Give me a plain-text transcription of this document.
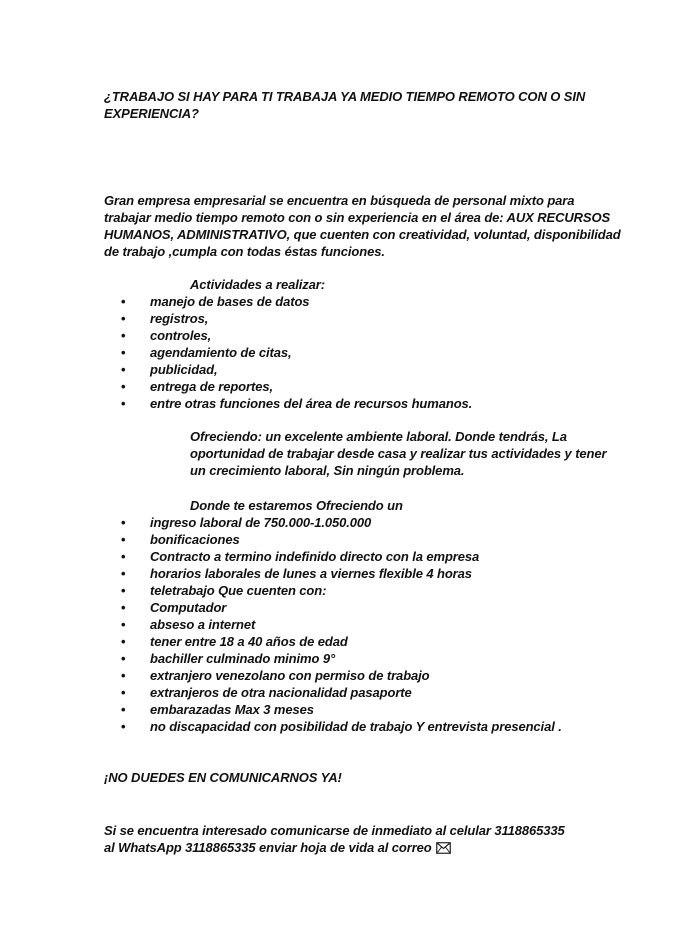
¿TRABAJO SI HAY PARA TI TRABAJA YA MEDIO TIEMPO REMOTO CON O SIN EXPERIENCIA?
Gran empresa empresarial se encuentra en búsqueda de personal mixto para trabajar medio tiempo remoto con o sin experiencia en el área de: AUX RECURSOS HUMANOS, ADMINISTRATIVO, que cuenten con creatividad, voluntad, disponibilidad de trabajo ,cumpla con todas éstas funciones.
Actividades a realizar:
• manejo de bases de datos
• registros,
• controles,
• agendamiento de citas,
• publicidad,
• entrega de reportes,
• entre otras funciones del área de recursos humanos.
Ofreciendo: un excelente ambiente laboral. Donde tendrás, La oportunidad de trabajar desde casa y realizar tus actividades y tener un crecimiento laboral, Sin ningún problema.
Donde te estaremos Ofreciendo un
• ingreso laboral de 750.000-1.050.000
• bonificaciones
• Contracto a termino indefinido directo con la empresa
• horarios laborales de lunes a viernes flexible 4 horas
• teletrabajo Que cuenten con:
• Computador
• abseso a internet
• tener entre 18 a 40 años de edad
• bachiller culminado minimo 9°
• extranjero venezolano con permiso de trabajo
• extranjeros de otra nacionalidad pasaporte
• embarazadas Max 3 meses
• no discapacidad con posibilidad de trabajo Y entrevista presencial .
¡NO DUEDES EN COMUNICARNOS YA!
Si se encuentra interesado comunicarse de inmediato al celular 3118865335
al WhatsApp 3118865335 enviar hoja de vida al correo
